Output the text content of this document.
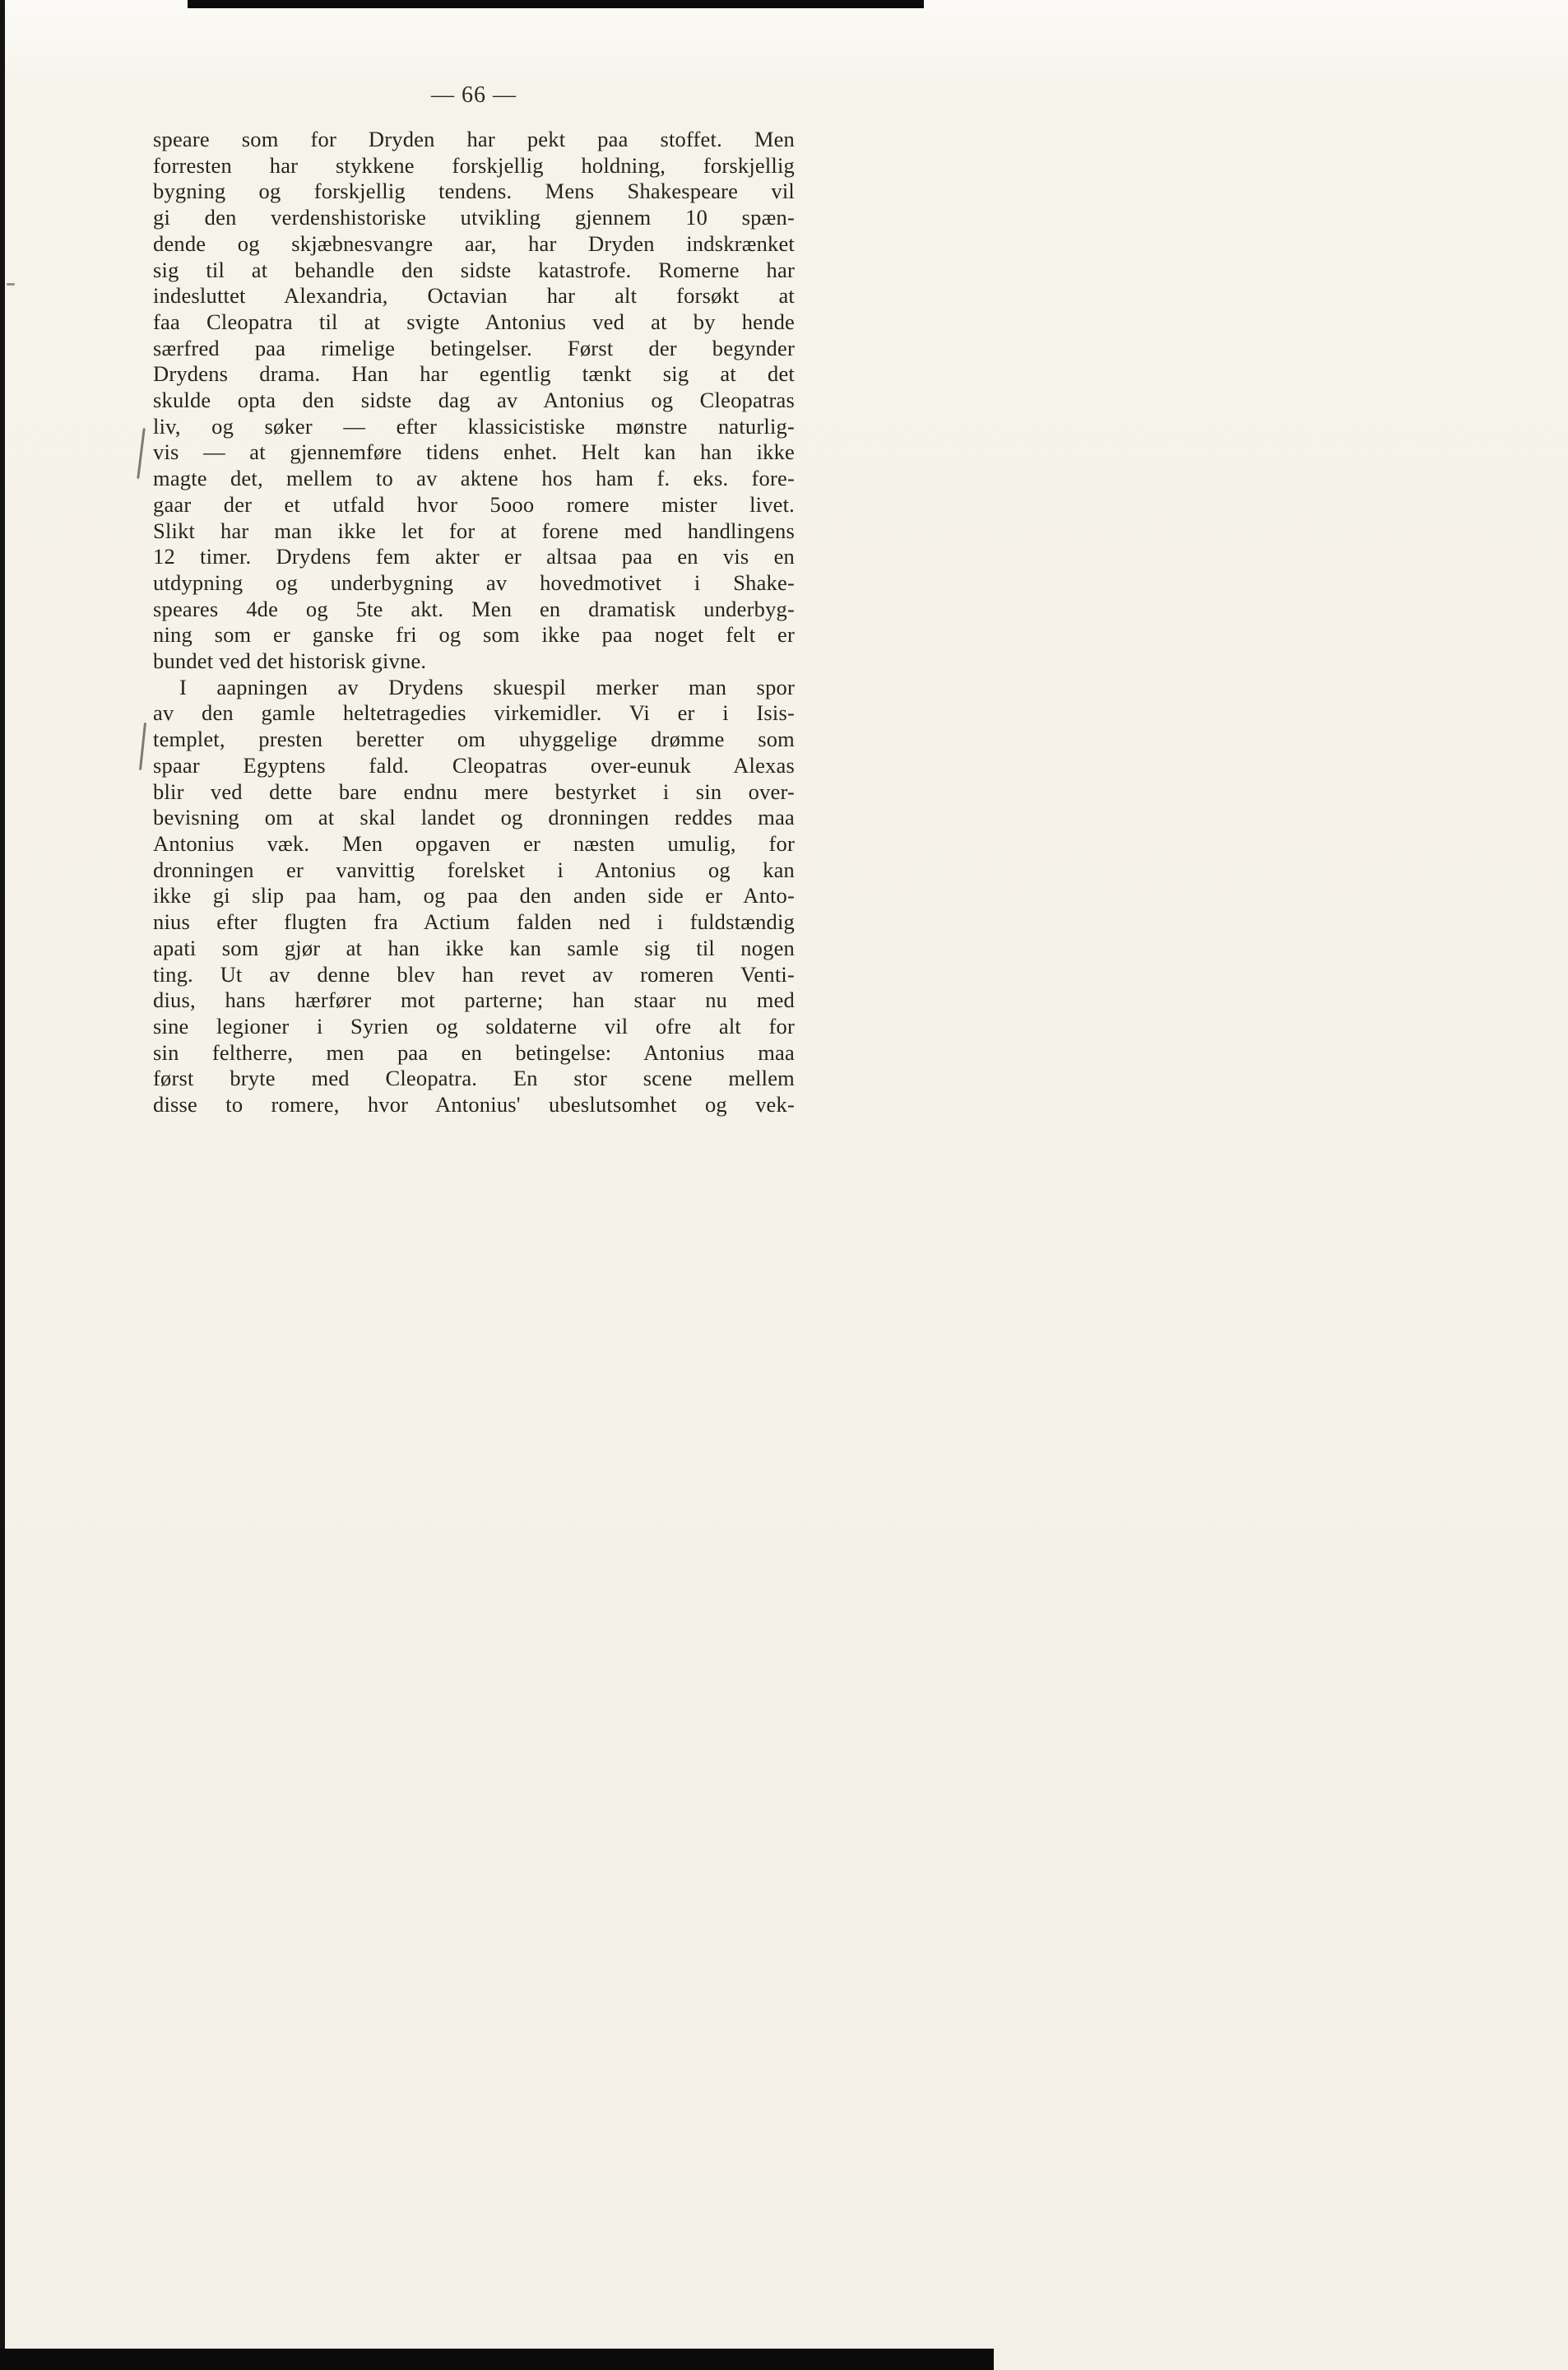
— 66 —
speare som for Dryden har pekt paa stoffet. Men
forresten har stykkene forskjellig holdning, forskjellig
bygning og forskjellig tendens. Mens Shakespeare vil
gi den verdenshistoriske utvikling gjennem 10 spæn-
dende og skjæbnesvangre aar, har Dryden indskrænket
sig til at behandle den sidste katastrofe. Romerne har
indesluttet Alexandria, Octavian har alt forsøkt at
faa Cleopatra til at svigte Antonius ved at by hende
særfred paa rimelige betingelser. Først der begynder
Drydens drama. Han har egentlig tænkt sig at det
skulde opta den sidste dag av Antonius og Cleopatras
liv, og søker — efter klassicistiske mønstre naturlig-
vis — at gjennemføre tidens enhet. Helt kan han ikke
magte det, mellem to av aktene hos ham f. eks. fore-
gaar der et utfald hvor 5ooo romere mister livet.
Slikt har man ikke let for at forene med handlingens
12 timer. Drydens fem akter er altsaa paa en vis en
utdypning og underbygning av hovedmotivet i Shake-
speares 4de og 5te akt. Men en dramatisk underbyg-
ning som er ganske fri og som ikke paa noget felt er
bundet ved det historisk givne.
I aapningen av Drydens skuespil merker man spor
av den gamle heltetragedies virkemidler. Vi er i Isis-
templet, presten beretter om uhyggelige drømme som
spaar Egyptens fald. Cleopatras over-eunuk Alexas
blir ved dette bare endnu mere bestyrket i sin over-
bevisning om at skal landet og dronningen reddes maa
Antonius væk. Men opgaven er næsten umulig, for
dronningen er vanvittig forelsket i Antonius og kan
ikke gi slip paa ham, og paa den anden side er Anto-
nius efter flugten fra Actium falden ned i fuldstændig
apati som gjør at han ikke kan samle sig til nogen
ting. Ut av denne blev han revet av romeren Venti-
dius, hans hærfører mot parterne; han staar nu med
sine legioner i Syrien og soldaterne vil ofre alt for
sin feltherre, men paa en betingelse: Antonius maa
først bryte med Cleopatra. En stor scene mellem
disse to romere, hvor Antonius' ubeslutsomhet og vek-
